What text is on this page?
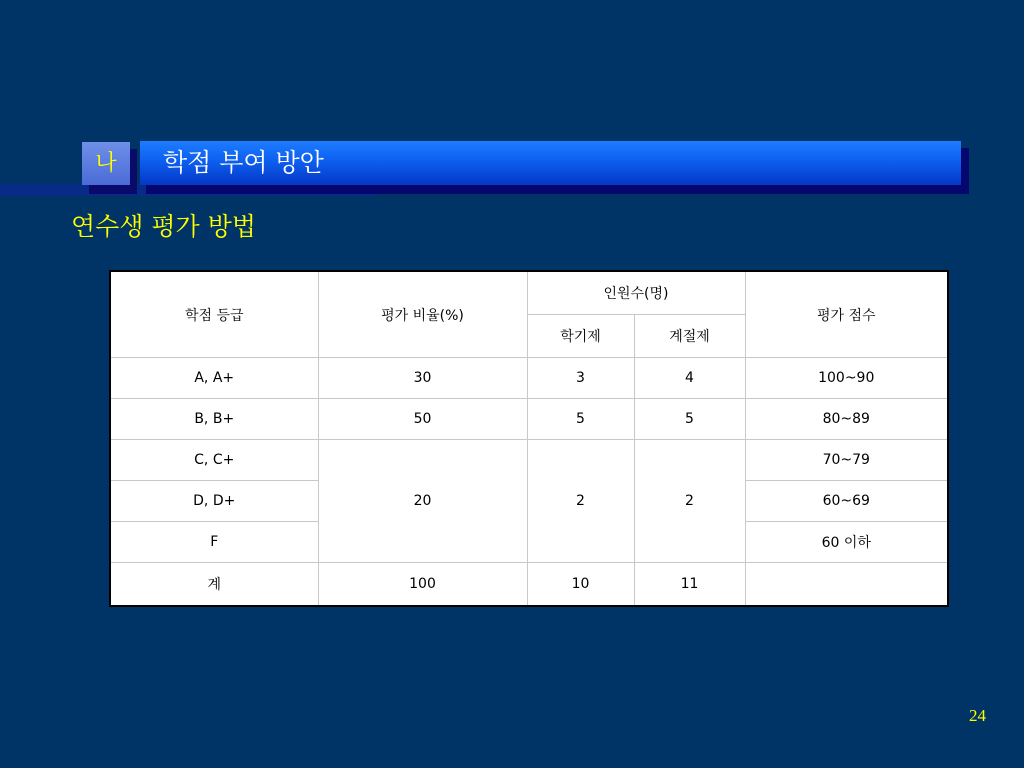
나	학점 부여 방안
연수생 평가 방법
학점 등급	평가 비율(%)	인원수(명)		평가 점수
		학기제	계절제	
A, A+	30	3	4	100~90
B, B+	50	5	5	80~89
C, C+	20	2	2	70~79
D, D+				60~69
F				60 이하
계	100	10	11	
24
